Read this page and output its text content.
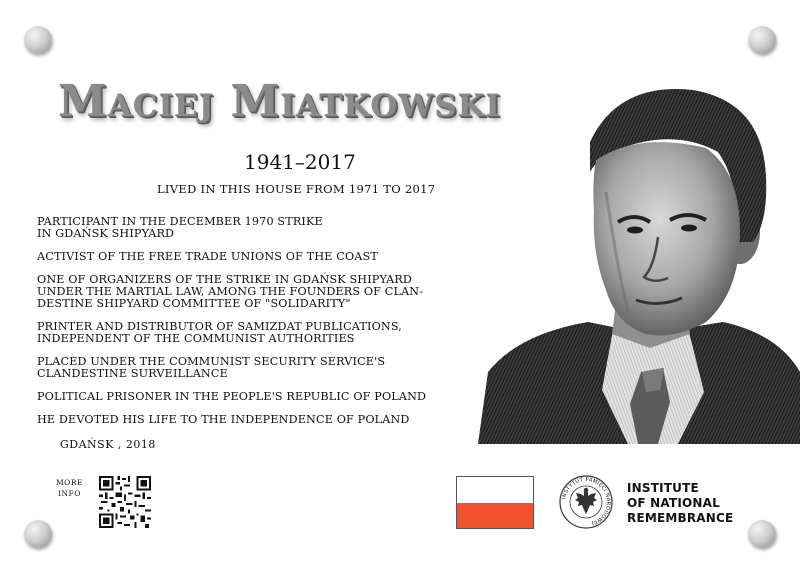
Maciej Miatkowski
1941–2017
LIVED IN THIS HOUSE FROM 1971 TO 2017
PARTICIPANT IN THE DECEMBER 1970 STRIKE
IN GDAŃSK SHIPYARD
ACTIVIST OF THE FREE TRADE UNIONS OF THE COAST
ONE OF ORGANIZERS OF THE STRIKE IN GDAŃSK SHIPYARD
UNDER THE MARTIAL LAW, AMONG THE FOUNDERS OF CLAN-
DESTINE SHIPYARD COMMITTEE OF "SOLIDARITY"
PRINTER AND DISTRIBUTOR OF SAMIZDAT PUBLICATIONS,
INDEPENDENT OF THE COMMUNIST AUTHORITIES
PLACED UNDER THE COMMUNIST SECURITY SERVICE'S
CLANDESTINE SURVEILLANCE
POLITICAL PRISONER IN THE PEOPLE'S REPUBLIC OF POLAND
HE DEVOTED HIS LIFE TO THE INDEPENDENCE OF POLAND
GDAŃSK , 2018
MORE
INFO
INSTYTUT PAMIĘCI NARODOWEJ
INSTITUTE
OF NATIONAL
REMEMBRANCE
